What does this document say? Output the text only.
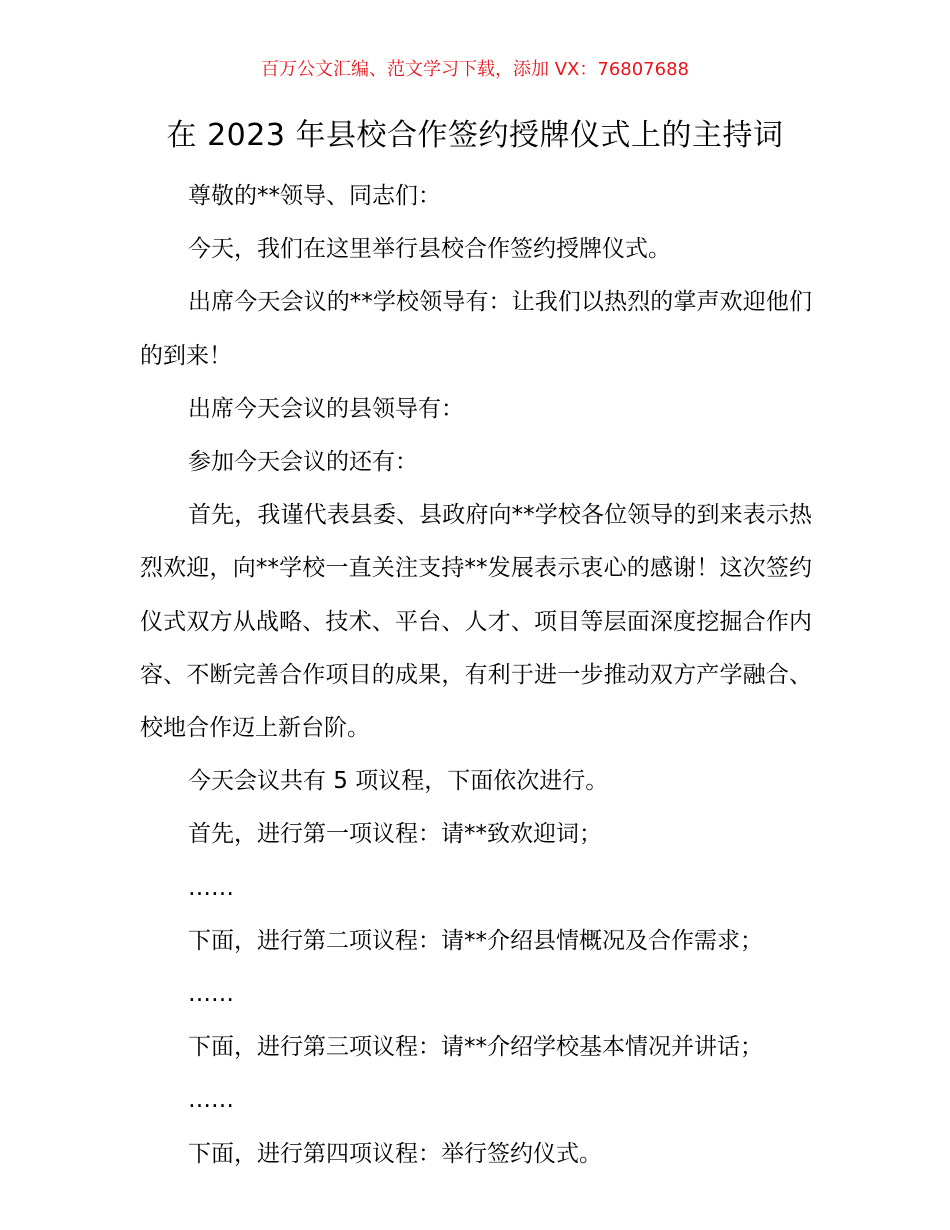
百万公文汇编、范文学习下载，添加 VX：76807688
在 2023 年县校合作签约授牌仪式上的主持词

尊敬的**领导、同志们：

今天，我们在这里举行县校合作签约授牌仪式。

出席今天会议的**学校领导有：让我们以热烈的掌声欢迎他们的到来！

出席今天会议的县领导有：

参加今天会议的还有：

首先，我谨代表县委、县政府向**学校各位领导的到来表示热烈欢迎，向**学校一直关注支持**发展表示衷心的感谢！这次签约仪式双方从战略、技术、平台、人才、项目等层面深度挖掘合作内容、不断完善合作项目的成果，有利于进一步推动双方产学融合、校地合作迈上新台阶。

今天会议共有 5 项议程，下面依次进行。

首先，进行第一项议程：请**致欢迎词；

……

下面，进行第二项议程：请**介绍县情概况及合作需求；

……

下面，进行第三项议程：请**介绍学校基本情况并讲话；

……

下面，进行第四项议程：举行签约仪式。
